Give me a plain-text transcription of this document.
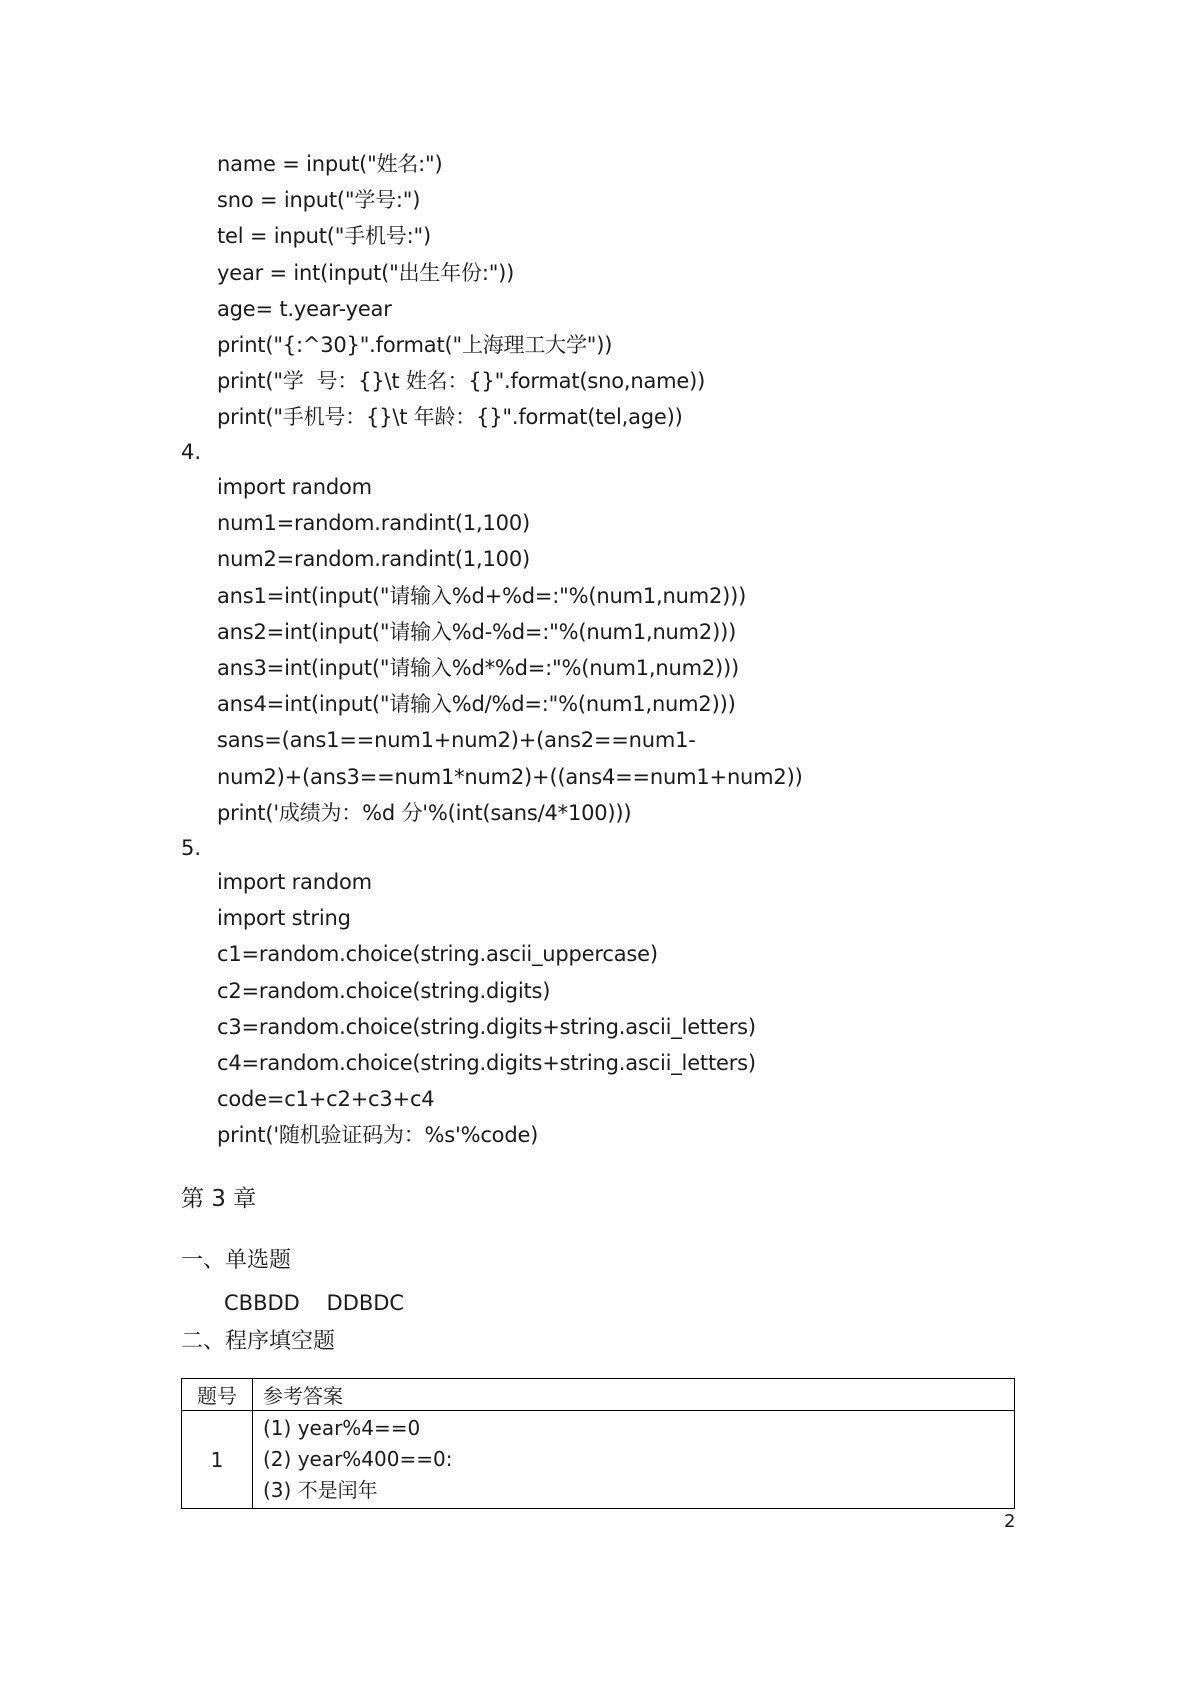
name = input("姓名:")
sno = input("学号:")
tel = input("手机号:")
year = int(input("出生年份:"))
age= t.year-year
print("{:^30}".format("上海理工大学"))
print("学  号：{}\t 姓名：{}".format(sno,name))
print("手机号：{}\t 年龄：{}".format(tel,age))
4.
import random
num1=random.randint(1,100)
num2=random.randint(1,100)
ans1=int(input("请输入%d+%d=:"%(num1,num2)))
ans2=int(input("请输入%d-%d=:"%(num1,num2)))
ans3=int(input("请输入%d*%d=:"%(num1,num2)))
ans4=int(input("请输入%d/%d=:"%(num1,num2)))
sans=(ans1==num1+num2)+(ans2==num1-
num2)+(ans3==num1*num2)+((ans4==num1+num2))
print('成绩为：%d 分'%(int(sans/4*100)))
5.
import random
import string
c1=random.choice(string.ascii_uppercase)
c2=random.choice(string.digits)
c3=random.choice(string.digits+string.ascii_letters)
c4=random.choice(string.digits+string.ascii_letters)
code=c1+c2+c3+c4
print('随机验证码为：%s'%code)
第 3 章
一、单选题
CBBDD    DDBDC
二、程序填空题
题号	参考答案
1	(1) year%4==0
(2) year%400==0:
(3) 不是闰年
2
